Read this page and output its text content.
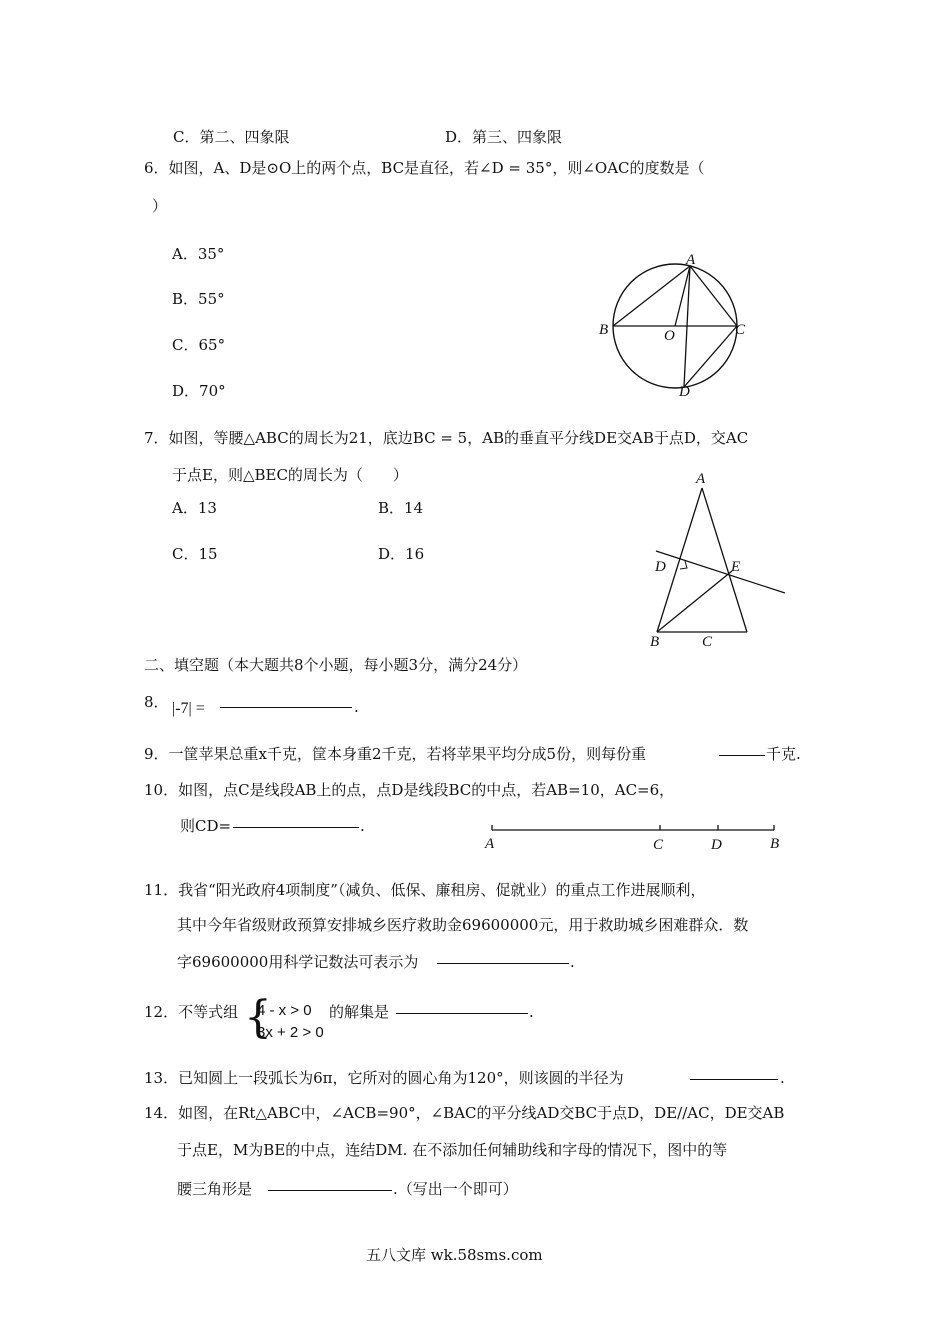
C．第二、四象限	D．第三、四象限
6．如图，A、D是⊙O上的两个点，BC是直径，若∠D = 35°，则∠OAC的度数是（
）
A．35°
B．55°
C．65°
D．70°
A
B	C
O
D
7．如图，等腰△ABC的周长为21，底边BC = 5，AB的垂直平分线DE交AB于点D，交AC
于点E，则△BEC的周长为（　　）
A．13	B．14
C．15	D．16
A
D	E
B	C
二、填空题（本大题共8个小题，每小题3分，满分24分）
8． |-7| =	.
9．一筐苹果总重x千克，筐本身重2千克，若将苹果平均分成5份，则每份重	千克.
10．如图，点C是线段AB上的点，点D是线段BC的中点，若AB=10，AC=6，
则CD=	.
A	C	D	B
11．我省“阳光政府4项制度”（减负、低保、廉租房、促就业）的重点工作进展顺利，
其中今年省级财政预算安排城乡医疗救助金69600000元，用于救助城乡困难群众．数
字69600000用科学记数法可表示为	.
12．不等式组 {
4 - x > 0
3x + 2 > 0
的解集是	.
13．已知圆上一段弧长为6π，它所对的圆心角为120°，则该圆的半径为	.
14．如图，在Rt△ABC中，∠ACB=90°，∠BAC的平分线AD交BC于点D，DE//AC，DE交AB
于点E，M为BE的中点，连结DM. 在不添加任何辅助线和字母的情况下，图中的等
腰三角形是	.（写出一个即可）
五八文库 wk.58sms.com
